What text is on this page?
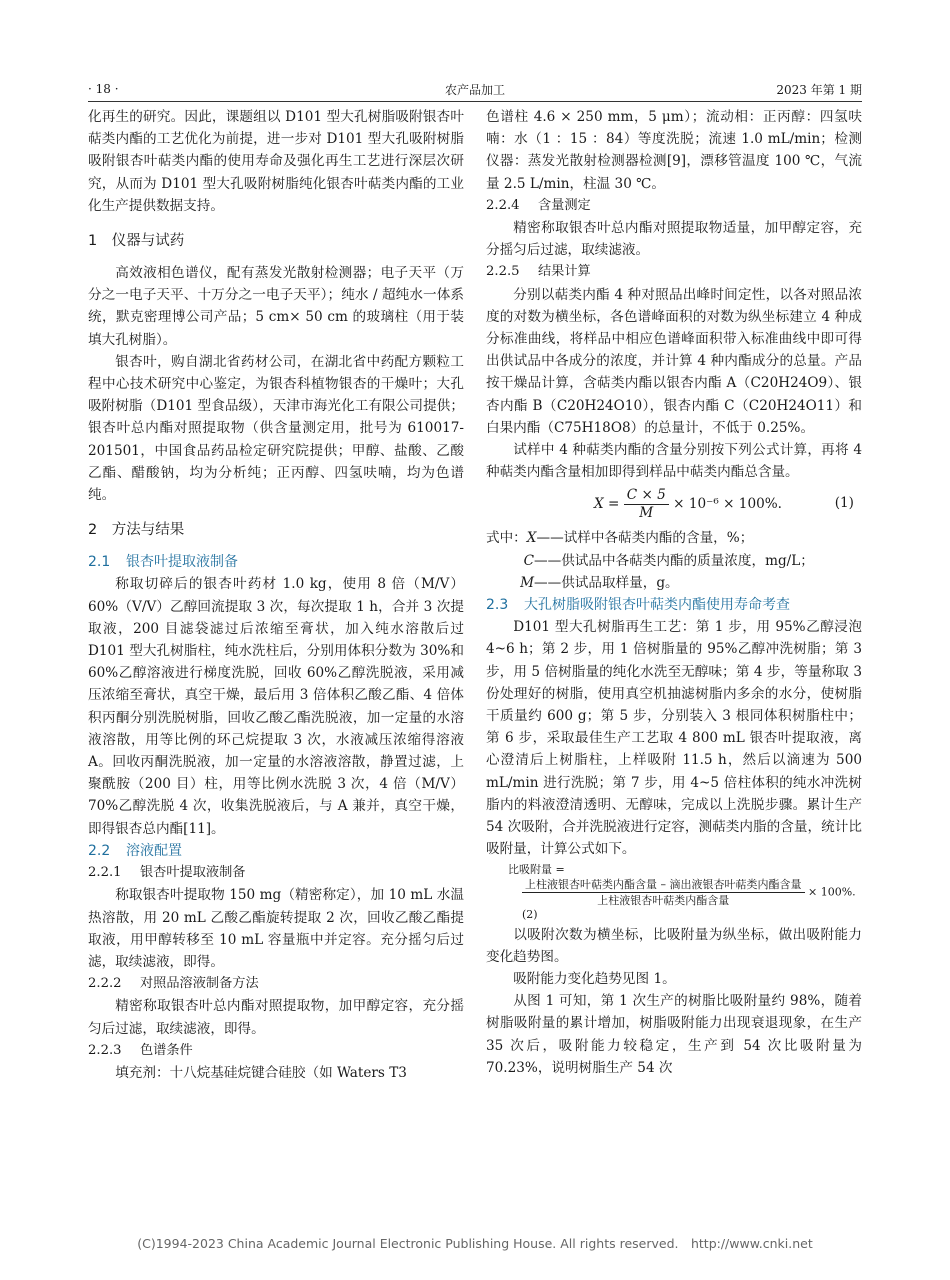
· 18 ·	农产品加工	2023 年第 1 期

化再生的研究。因此，课题组以 D101 型大孔树脂吸附银杏叶萜类内酯的工艺优化为前提，进一步对 D101 型大孔吸附树脂吸附银杏叶萜类内酯的使用寿命及强化再生工艺进行深层次研究，从而为 D101 型大孔吸附树脂纯化银杏叶萜类内酯的工业化生产提供数据支持。

1　仪器与试药

高效液相色谱仪，配有蒸发光散射检测器；电子天平（万分之一电子天平、十万分之一电子天平）；纯水 / 超纯水一体系统，默克密理博公司产品；5 cm× 50 cm 的玻璃柱（用于装填大孔树脂）。

银杏叶，购自湖北省药材公司，在湖北省中药配方颗粒工程中心技术研究中心鉴定，为银杏科植物银杏的干燥叶；大孔吸附树脂（D101 型食品级），天津市海光化工有限公司提供；银杏叶总内酯对照提取物（供含量测定用，批号为 610017-201501，中国食品药品检定研究院提供；甲醇、盐酸、乙酸乙酯、醋酸钠，均为分析纯；正丙醇、四氢呋喃，均为色谱纯。

2　方法与结果
2.1 银杏叶提取液制备

称取切碎后的银杏叶药材 1.0 kg，使用 8 倍（M/V）60%（V/V）乙醇回流提取 3 次，每次提取 1 h，合并 3 次提取液，200 目滤袋滤过后浓缩至膏状，加入纯水溶散后过 D101 型大孔树脂柱，纯水洗柱后，分别用体积分数为 30%和 60%乙醇溶液进行梯度洗脱，回收 60%乙醇洗脱液，采用减压浓缩至膏状，真空干燥，最后用 3 倍体积乙酸乙酯、4 倍体积丙酮分别洗脱树脂，回收乙酸乙酯洗脱液，加一定量的水溶液溶散，用等比例的环己烷提取 3 次，水液减压浓缩得溶液 A。回收丙酮洗脱液，加一定量的水溶液溶散，静置过滤，上聚酰胺（200 目）柱，用等比例水洗脱 3 次，4 倍（M/V）70%乙醇洗脱 4 次，收集洗脱液后，与 A 兼并，真空干燥，即得银杏总内酯[11]。

2.2 溶液配置
2.2.1 银杏叶提取液制备

称取银杏叶提取物 150 mg（精密称定），加 10 mL 水温热溶散，用 20 mL 乙酸乙酯旋转提取 2 次，回收乙酸乙酯提取液，用甲醇转移至 10 mL 容量瓶中并定容。充分摇匀后过滤，取续滤液，即得。

2.2.2 对照品溶液制备方法

精密称取银杏叶总内酯对照提取物，加甲醇定容，充分摇匀后过滤，取续滤液，即得。

2.2.3 色谱条件

填充剂：十八烷基硅烷键合硅胶（如 Waters T3

色谱柱 4.6 × 250 mm，5 μm）；流动相：正丙醇：四氢呋喃：水（1 ：15 ：84）等度洗脱；流速 1.0 mL/min；检测仪器：蒸发光散射检测器检测[9]，漂移管温度 100 ℃，气流量 2.5 L/min，柱温 30 ℃。

2.2.4 含量测定

精密称取银杏叶总内酯对照提取物适量，加甲醇定容，充分摇匀后过滤，取续滤液。

2.2.5 结果计算

分别以萜类内酯 4 种对照品出峰时间定性，以各对照品浓度的对数为横坐标，各色谱峰面积的对数为纵坐标建立 4 种成分标准曲线，将样品中相应色谱峰面积带入标准曲线中即可得出供试品中各成分的浓度，并计算 4 种内酯成分的总量。产品按干燥品计算，含萜类内酯以银杏内酯 A（C20H24O9）、银杏内酯 B（C20H24O10），银杏内酯 C（C20H24O11）和白果内酯（C75H18O8）的总量计，不低于 0.25%。

试样中 4 种萜类内酯的含量分别按下列公式计算，再将 4 种萜类内酯含量相加即得到样品中萜类内酯总含量。

$X = \frac{C \times 5}{M} \times 10^{-6} \times 100\%$.	(1)
式中： X ——试样中各萜类内酯的含量，%；
C ——供试品中各萜类内酯的质量浓度，mg/L；
M ——供试品取样量，g。
2.3 大孔树脂吸附银杏叶萜类内酯使用寿命考查

D101 型大孔树脂再生工艺：第 1 步，用 95%乙醇浸泡 4~6 h；第 2 步，用 1 倍树脂量的 95%乙醇冲洗树脂；第 3 步，用 5 倍树脂量的纯化水洗至无醇味；第 4 步，等量称取 3 份处理好的树脂，使用真空机抽滤树脂内多余的水分，使树脂干质量约 600 g；第 5 步，分别装入 3 根同体积树脂柱中；第 6 步，采取最佳生产工艺取 4 800 mL 银杏叶提取液，离心澄清后上树脂柱，上样吸附 11.5 h，然后以滴速为 500 mL/min 进行洗脱；第 7 步，用 4~5 倍柱体积的纯水冲洗树脂内的料液澄清透明、无醇味，完成以上洗脱步骤。累计生产 54 次吸附，合并洗脱液进行定容，测萜类内脂的含量，统计比吸附量，计算公式如下。

比吸附量 =
$\frac{\text{上柱液银杏叶萜类内酯含量 – 滴出液银杏叶萜类内酯含量}}{\text{上柱液银杏叶萜类内酯含量}} \times 100\%.(2)$

以吸附次数为横坐标，比吸附量为纵坐标，做出吸附能力变化趋势图。

吸附能力变化趋势见图 1。

从图 1 可知，第 1 次生产的树脂比吸附量约 98%，随着树脂吸附量的累计增加，树脂吸附能力出现衰退现象，在生产 35 次后，吸附能力较稳定，生产到 54 次比吸附量为 70.23%，说明树脂生产 54 次

(C)1994-2023 China Academic Journal Electronic Publishing House. All rights reserved.　http://www.cnki.net
